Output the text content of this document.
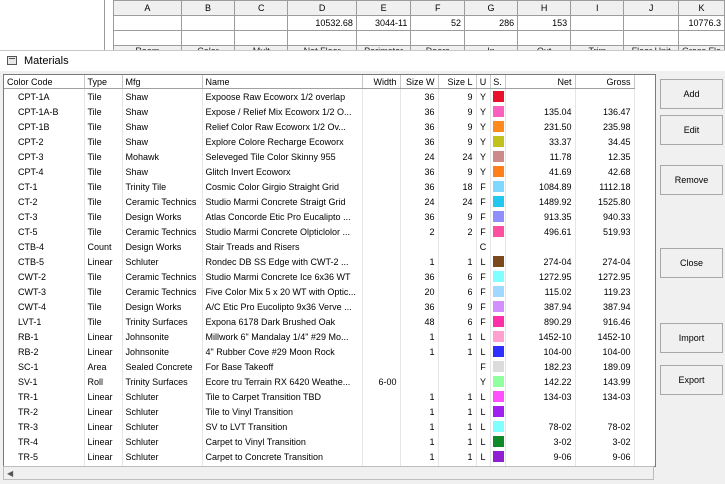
A	B	C	D	E	F	G	H	I	J	K
			10532.68	3044-11	52	286	153			10776.3

Materials
Color Code	Type	Mfg	Name	Width	Size W	Size L	U	S.	Net	Gross
CPT-1A	Tile	Shaw	Expoose Raw Ecoworx 1/2 overlap		36	9	Y	

CPT-1A-B	Tile	Shaw	Expose / Relief Mix Ecoworx 1/2 O...		36	9	Y		135.04	136.47
CPT-1B	Tile	Shaw	Relief Color Raw Ecoworx 1/2 Ov...		36	9	Y		231.50	235.98
CPT-2	Tile	Shaw	Explore Colore Recharge Ecoworx		36	9	Y		33.37	34.45
CPT-3	Tile	Mohawk	Seleveged Tile Color Skinny 955		24	24	Y		11.78	12.35
CPT-4	Tile	Shaw	Glitch Invert Ecoworx		36	9	Y		41.69	42.68
CT-1	Tile	Trinity Tile	Cosmic Color Girgio Straight Grid		36	18	F		1084.89	1112.18
CT-2	Tile	Ceramic Technics	Studio Marmi Concrete Straigt Grid		24	24	F		1489.92	1525.80
CT-3	Tile	Design Works	Atlas Concorde Etic Pro Eucalipto ...		36	9	F		913.35	940.33
CT-5	Tile	Ceramic Technics	Studio Marmi Concrete Olpticlolor ...		2	2	F		496.61	519.93
CTB-4	Count	Design Works	Stair Treads and Risers				C	

CTB-5	Linear	Schluter	Rondec DB SS Edge with CWT-2 ...		1	1	L		274-04	274-04
CWT-2	Tile	Ceramic Technics	Studio Marmi Concrete Ice 6x36 WT		36	6	F		1272.95	1272.95
CWT-3	Tile	Ceramic Technics	Five Color Mix 5 x 20 WT with Optic...		20	6	F		115.02	119.23
CWT-4	Tile	Design Works	A/C Etic Pro Eucolipto 9x36 Verve ...		36	9	F		387.94	387.94
LVT-1	Tile	Trinity Surfaces	Expona 6178 Dark Brushed Oak		48	6	F		890.29	916.46
RB-1	Linear	Johnsonite	Millwork 6" Mandalay 1/4" #29 Mo...		1	1	L		1452-10	1452-10
RB-2	Linear	Johnsonite	4" Rubber Cove #29 Moon Rock		1	1	L		104-00	104-00
SC-1	Area	Sealed Concrete	For Base Takeoff				F		182.23	189.09
SV-1	Roll	Trinity Surfaces	Ecore tru Terrain RX 6420 Weathe...	6-00			Y		142.22	143.99
TR-1	Linear	Schluter	Tile to Carpet Transition TBD		1	1	L		134-03	134-03
TR-2	Linear	Schluter	Tile to Vinyl Transition		1	1	L	

TR-3	Linear	Schluter	SV to LVT Transition		1	1	L		78-02	78-02
TR-4	Linear	Schluter	Carpet to Vinyl Transition		1	1	L		3-02	3-02
TR-5	Linear	Schluter	Carpet to Concrete Transition		1	1	L		9-06	9-06

◀
Add
Edit
Remove
Close
Import
Export
